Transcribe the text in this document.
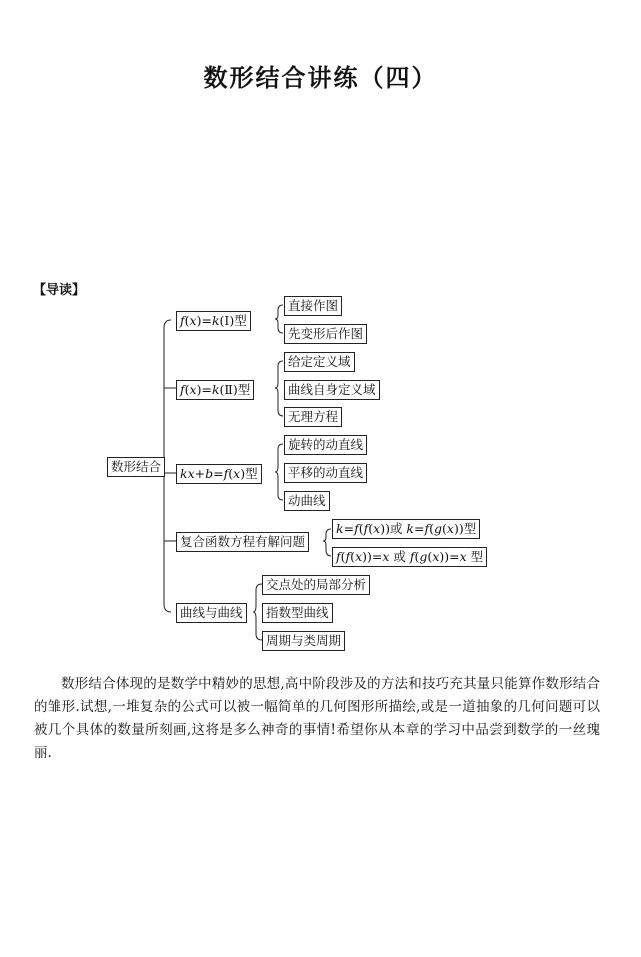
数形结合讲练（四）
【导读】
数形结合
f(x)=k(Ⅰ)型
直接作图
先变形后作图
f(x)=k(Ⅱ)型
给定定义域
曲线自身定义域
无理方程
kx+b=f(x)型
旋转的动直线
平移的动直线
动曲线
复合函数方程有解问题
k=f(f(x))或 k=f(g(x))型
f(f(x))=x 或 f(g(x))=x 型
曲线与曲线
交点处的局部分析
指数型曲线
周期与类周期

数形结合体现的是数学中精妙的思想,高中阶段涉及的方法和技巧充其量只能算作数形结合的雏形.试想,一堆复杂的公式可以被一幅简单的几何图形所描绘,或是一道抽象的几何问题可以被几个具体的数量所刻画,这将是多么神奇的事情!希望你从本章的学习中品尝到数学的一丝瑰丽.
